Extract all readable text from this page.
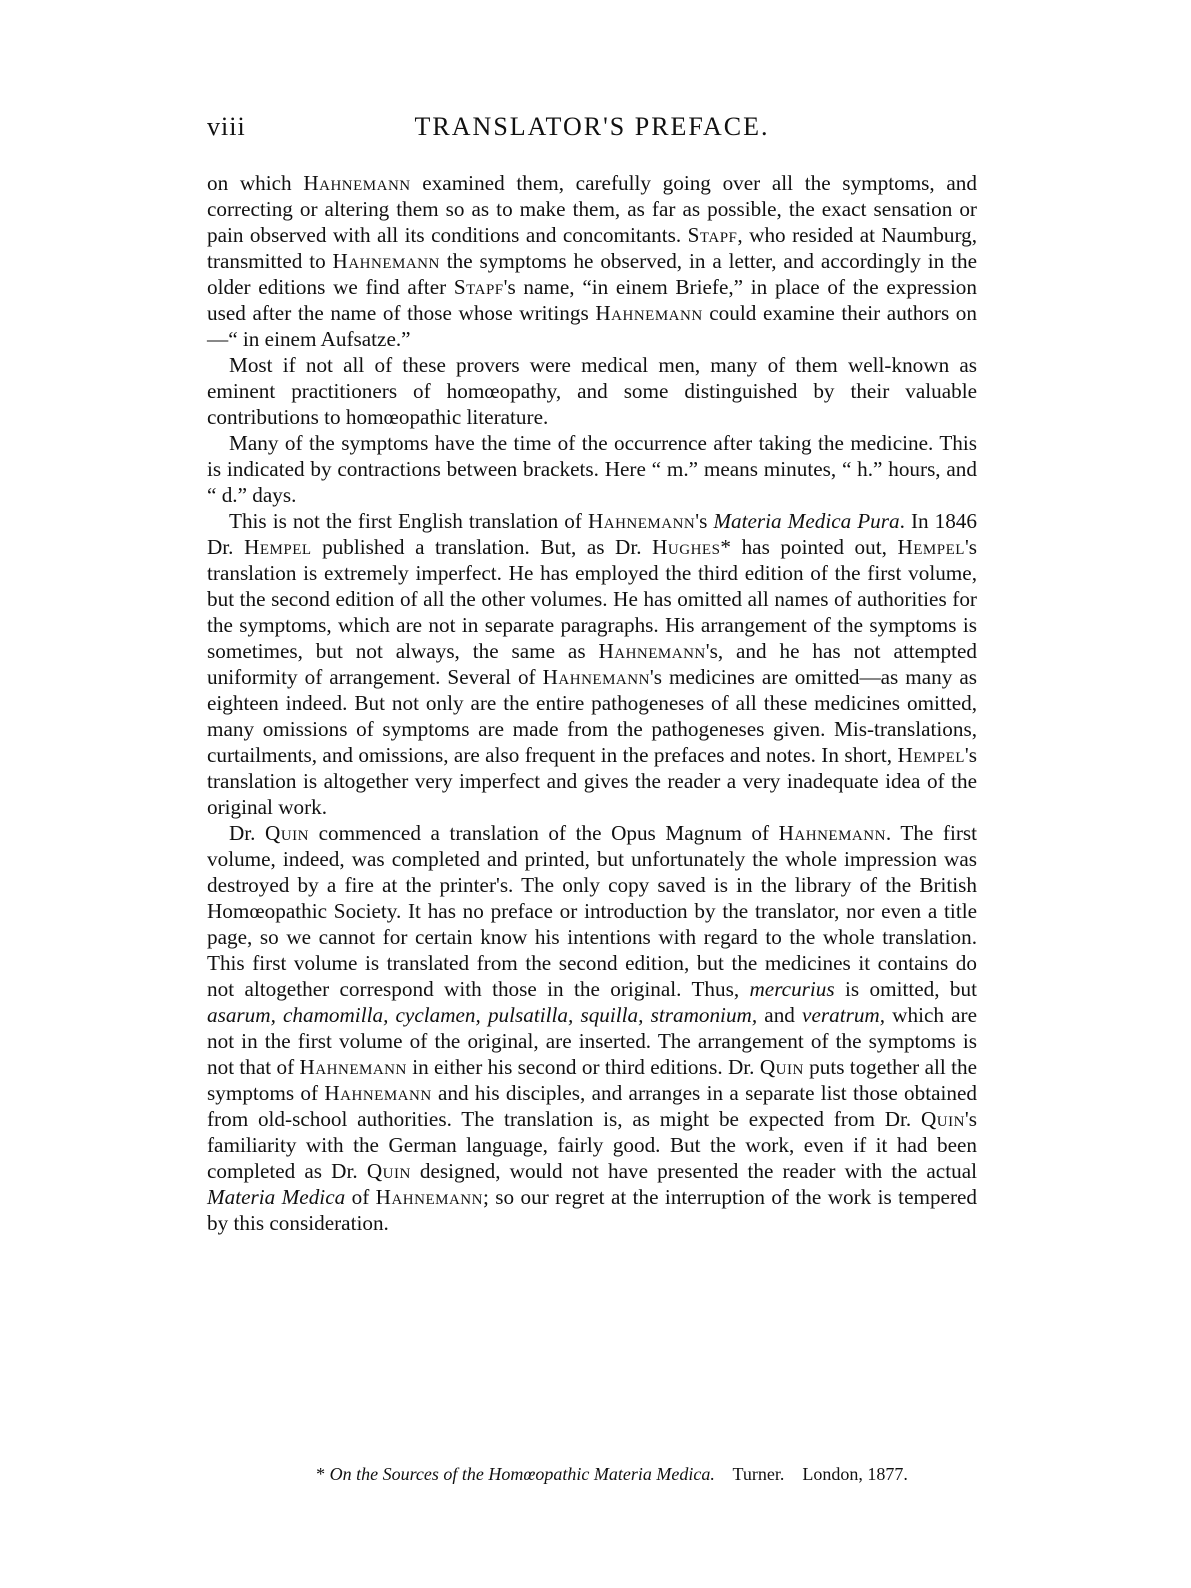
viii	TRANSLATOR'S PREFACE.

on which Hahnemann examined them, carefully going over all the symptoms, and correcting or altering them so as to make them, as far as possible, the exact sensation or pain observed with all its conditions and concomitants. Stapf, who resided at Naumburg, transmitted to Hahnemann the symptoms he observed, in a letter, and accordingly in the older editions we find after Stapf's name, “in einem Briefe,” in place of the expression used after the name of those whose writings Hahnemann could examine their authors on—“ in einem Aufsatze.”

Most if not all of these provers were medical men, many of them well-known as eminent practitioners of homœopathy, and some distinguished by their valuable contributions to homœopathic literature.

Many of the symptoms have the time of the occurrence after taking the medicine. This is indicated by contractions between brackets. Here “ m.” means minutes, “ h.” hours, and “ d.” days.

This is not the first English translation of Hahnemann's Materia Medica Pura. In 1846 Dr. Hempel published a translation. But, as Dr. Hughes* has pointed out, Hempel's translation is extremely imperfect. He has employed the third edition of the first volume, but the second edition of all the other volumes. He has omitted all names of authorities for the symptoms, which are not in separate paragraphs. His arrangement of the symptoms is sometimes, but not always, the same as Hahnemann's, and he has not attempted uniformity of arrangement. Several of Hahnemann's medicines are omitted—as many as eighteen indeed. But not only are the entire pathogeneses of all these medicines omitted, many omissions of symptoms are made from the pathogeneses given. Mis-translations, curtailments, and omissions, are also frequent in the prefaces and notes. In short, Hempel's translation is altogether very imperfect and gives the reader a very inadequate idea of the original work.

Dr. Quin commenced a translation of the Opus Magnum of Hahnemann. The first volume, indeed, was completed and printed, but unfortunately the whole impression was destroyed by a fire at the printer's. The only copy saved is in the library of the British Homœopathic Society. It has no preface or introduction by the translator, nor even a title page, so we cannot for certain know his intentions with regard to the whole translation. This first volume is translated from the second edition, but the medicines it contains do not altogether correspond with those in the original. Thus, mercurius is omitted, but asarum, chamomilla, cyclamen, pulsatilla, squilla, stramonium, and veratrum, which are not in the first volume of the original, are inserted. The arrangement of the symptoms is not that of Hahnemann in either his second or third editions. Dr. Quin puts together all the symptoms of Hahnemann and his disciples, and arranges in a separate list those obtained from old-school authorities. The translation is, as might be expected from Dr. Quin's familiarity with the German language, fairly good. But the work, even if it had been completed as Dr. Quin designed, would not have presented the reader with the actual Materia Medica of Hahnemann; so our regret at the interruption of the work is tempered by this consideration.

* On the Sources of the Homœopathic Materia Medica. Turner. London, 1877.
